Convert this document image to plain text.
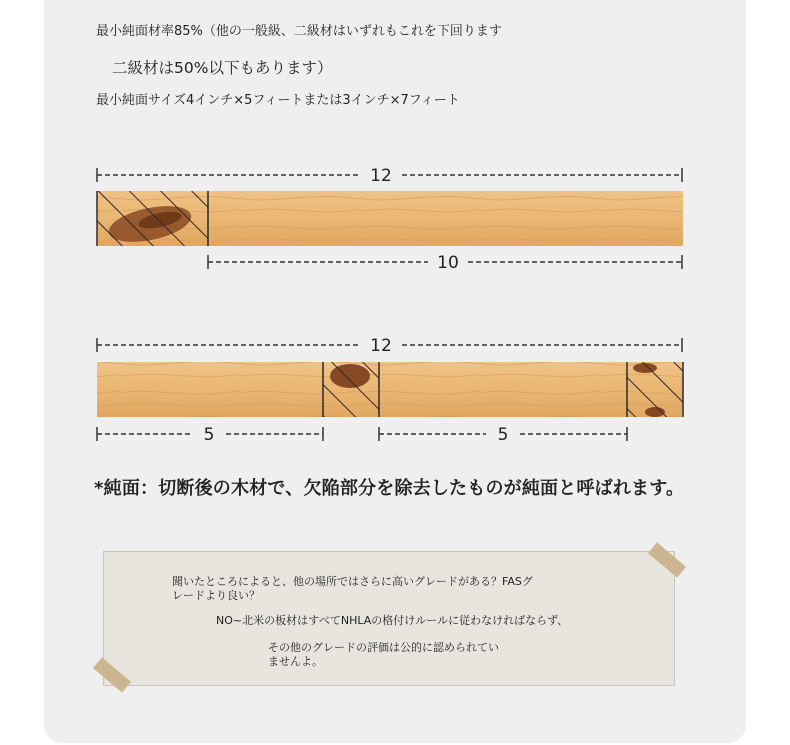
最小純面材率85%（他の一般級、二級材はいずれもこれを下回ります
二級材は50%以下もあります）
最小純面サイズ4インチ×5フィートまたは3インチ×7フィート
12
10
12
5	5
*純面：切断後の木材で、欠陥部分を除去したものが純面と呼ばれます。
聞いたところによると、他の場所ではさらに高いグレードがある？FASグ
レードより良い？
NO~北米の板材はすべてNHLAの格付けルールに従わなければならず、
その他のグレードの評価は公的に認められてい
ませんよ。
